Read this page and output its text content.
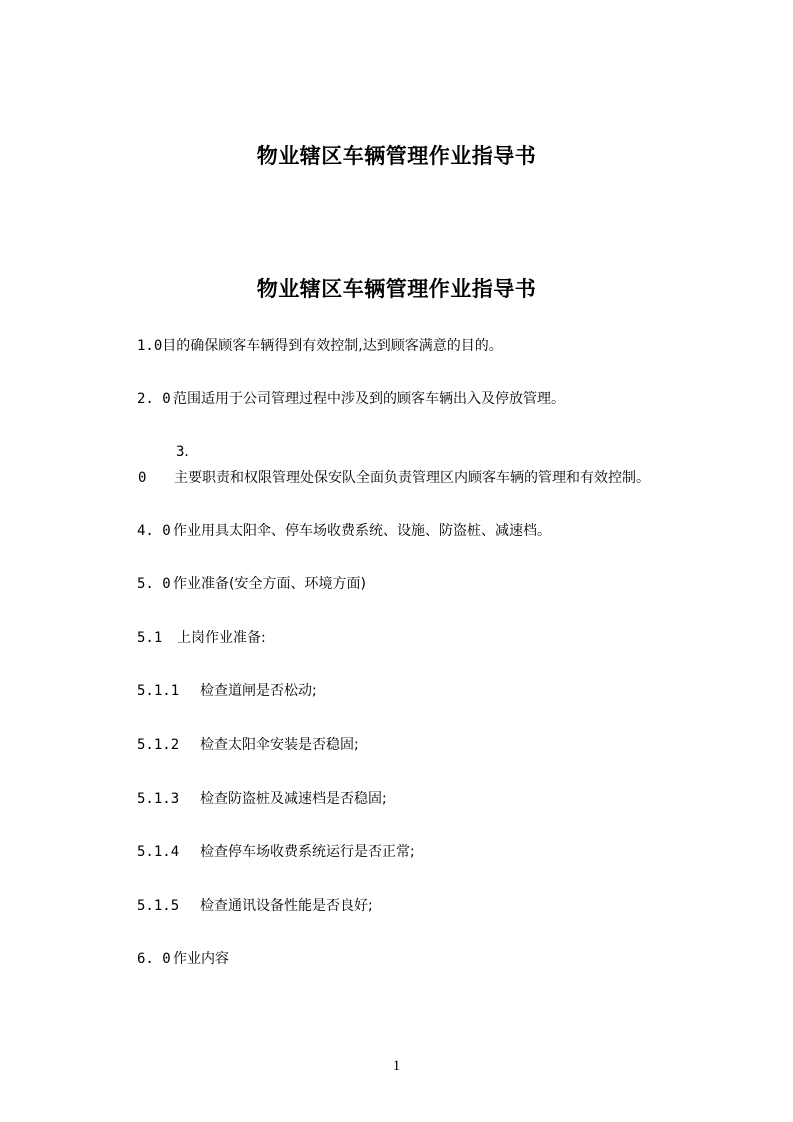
物业辖区车辆管理作业指导书
物业辖区车辆管理作业指导书
1.0目的确保顾客车辆得到有效控制,达到顾客满意的目的。
2. 0 范围适用于公司管理过程中涉及到的顾客车辆出入及停放管理。
3．0 主要职责和权限管理处保安队全面负责管理区内顾客车辆的管理和有效控制。
4. 0 作业用具太阳伞、停车场收费系统、设施、防盗桩、减速档。
5. 0 作业准备(安全方面、环境方面)
5.1 上岗作业准备:
5.1.1 检查道闸是否松动;
5.1.2 检查太阳伞安装是否稳固;
5.1.3 检查防盗桩及减速档是否稳固;
5.1.4 检查停车场收费系统运行是否正常;
5.1.5 检查通讯设备性能是否良好;
6. 0 作业内容
1
